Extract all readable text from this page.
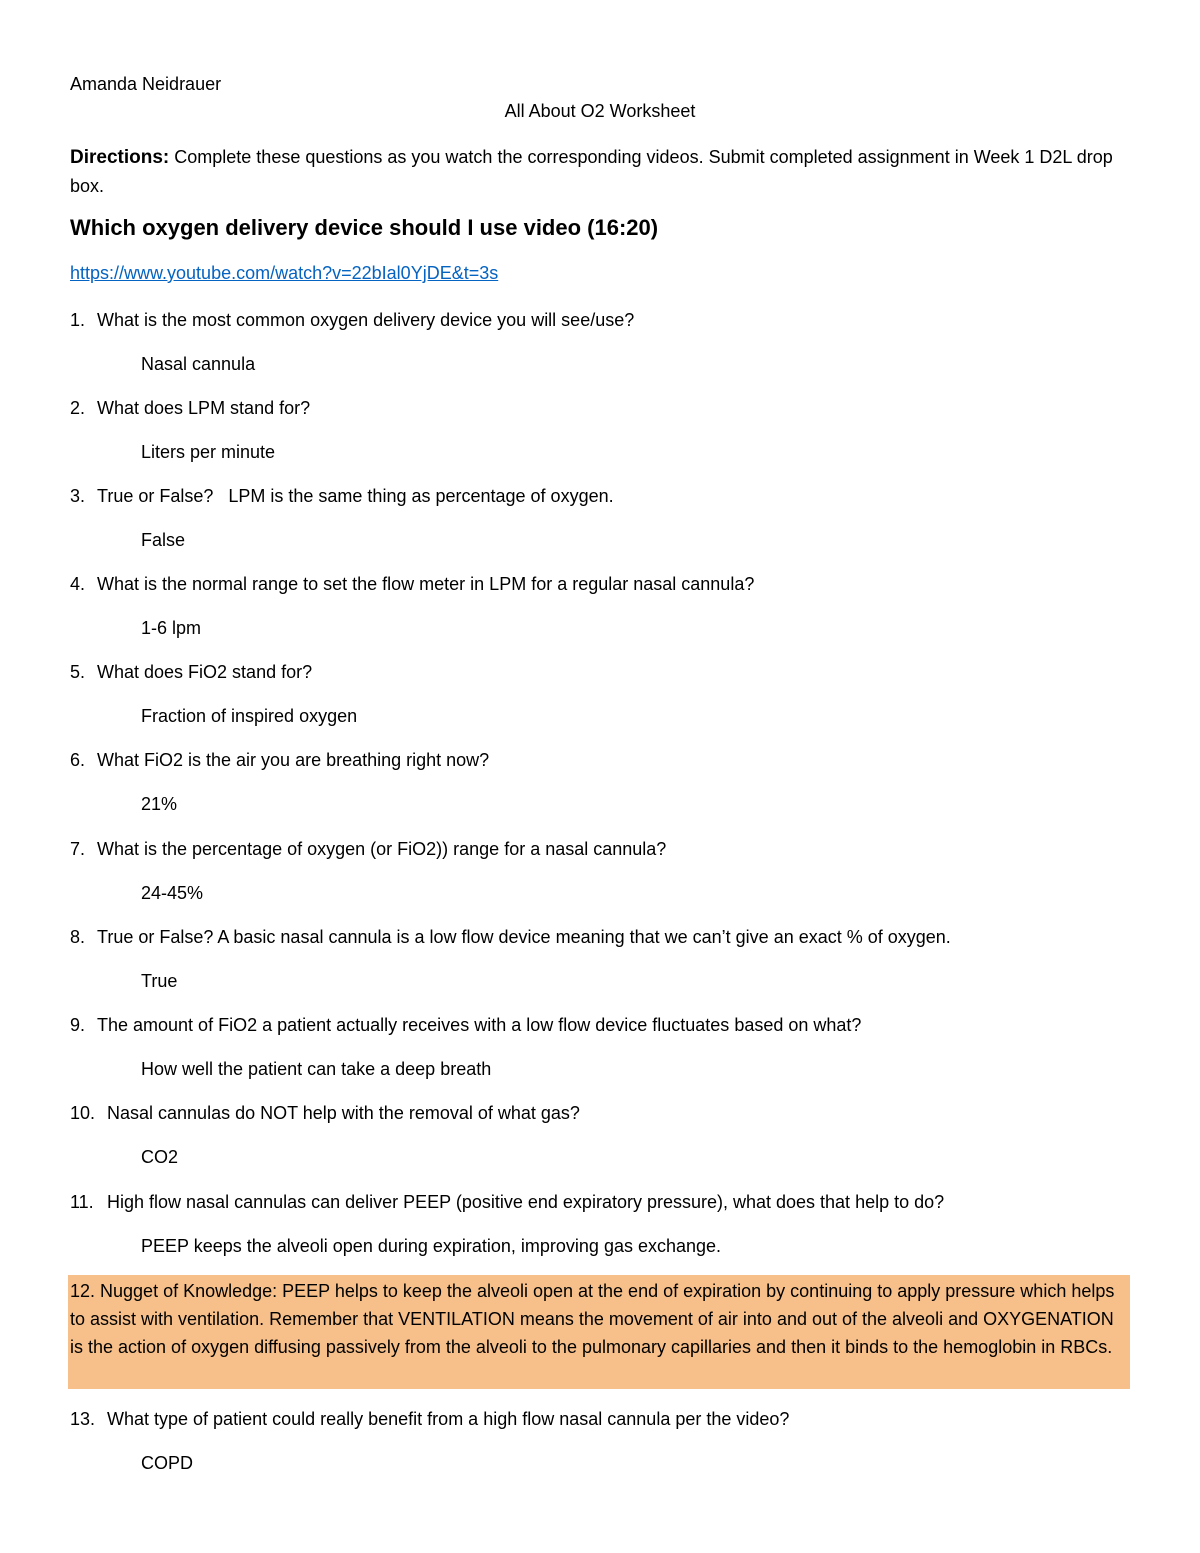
Amanda Neidrauer
All About O2 Worksheet
Directions: Complete these questions as you watch the corresponding videos. Submit completed assignment in Week 1 D2L drop box.
Which oxygen delivery device should I use video (16:20)
https://www.youtube.com/watch?v=22bIal0YjDE&t=3s
1. What is the most common oxygen delivery device you will see/use?
Nasal cannula
2. What does LPM stand for?
Liters per minute
3. True or False?   LPM is the same thing as percentage of oxygen.
False
4. What is the normal range to set the flow meter in LPM for a regular nasal cannula?
1-6 lpm
5. What does FiO2 stand for?
Fraction of inspired oxygen
6. What FiO2 is the air you are breathing right now?
21%
7. What is the percentage of oxygen (or FiO2)) range for a nasal cannula?
24-45%
8. True or False? A basic nasal cannula is a low flow device meaning that we can’t give an exact % of oxygen.
True
9. The amount of FiO2 a patient actually receives with a low flow device fluctuates based on what?
How well the patient can take a deep breath
10. Nasal cannulas do NOT help with the removal of what gas?
CO2
11. High flow nasal cannulas can deliver PEEP (positive end expiratory pressure), what does that help to do?
PEEP keeps the alveoli open during expiration, improving gas exchange.
12. Nugget of Knowledge: PEEP helps to keep the alveoli open at the end of expiration by continuing to apply pressure which helps to assist with ventilation. Remember that VENTILATION means the movement of air into and out of the alveoli and OXYGENATION is the action of oxygen diffusing passively from the alveoli to the pulmonary capillaries and then it binds to the hemoglobin in RBCs.
13. What type of patient could really benefit from a high flow nasal cannula per the video?
COPD
